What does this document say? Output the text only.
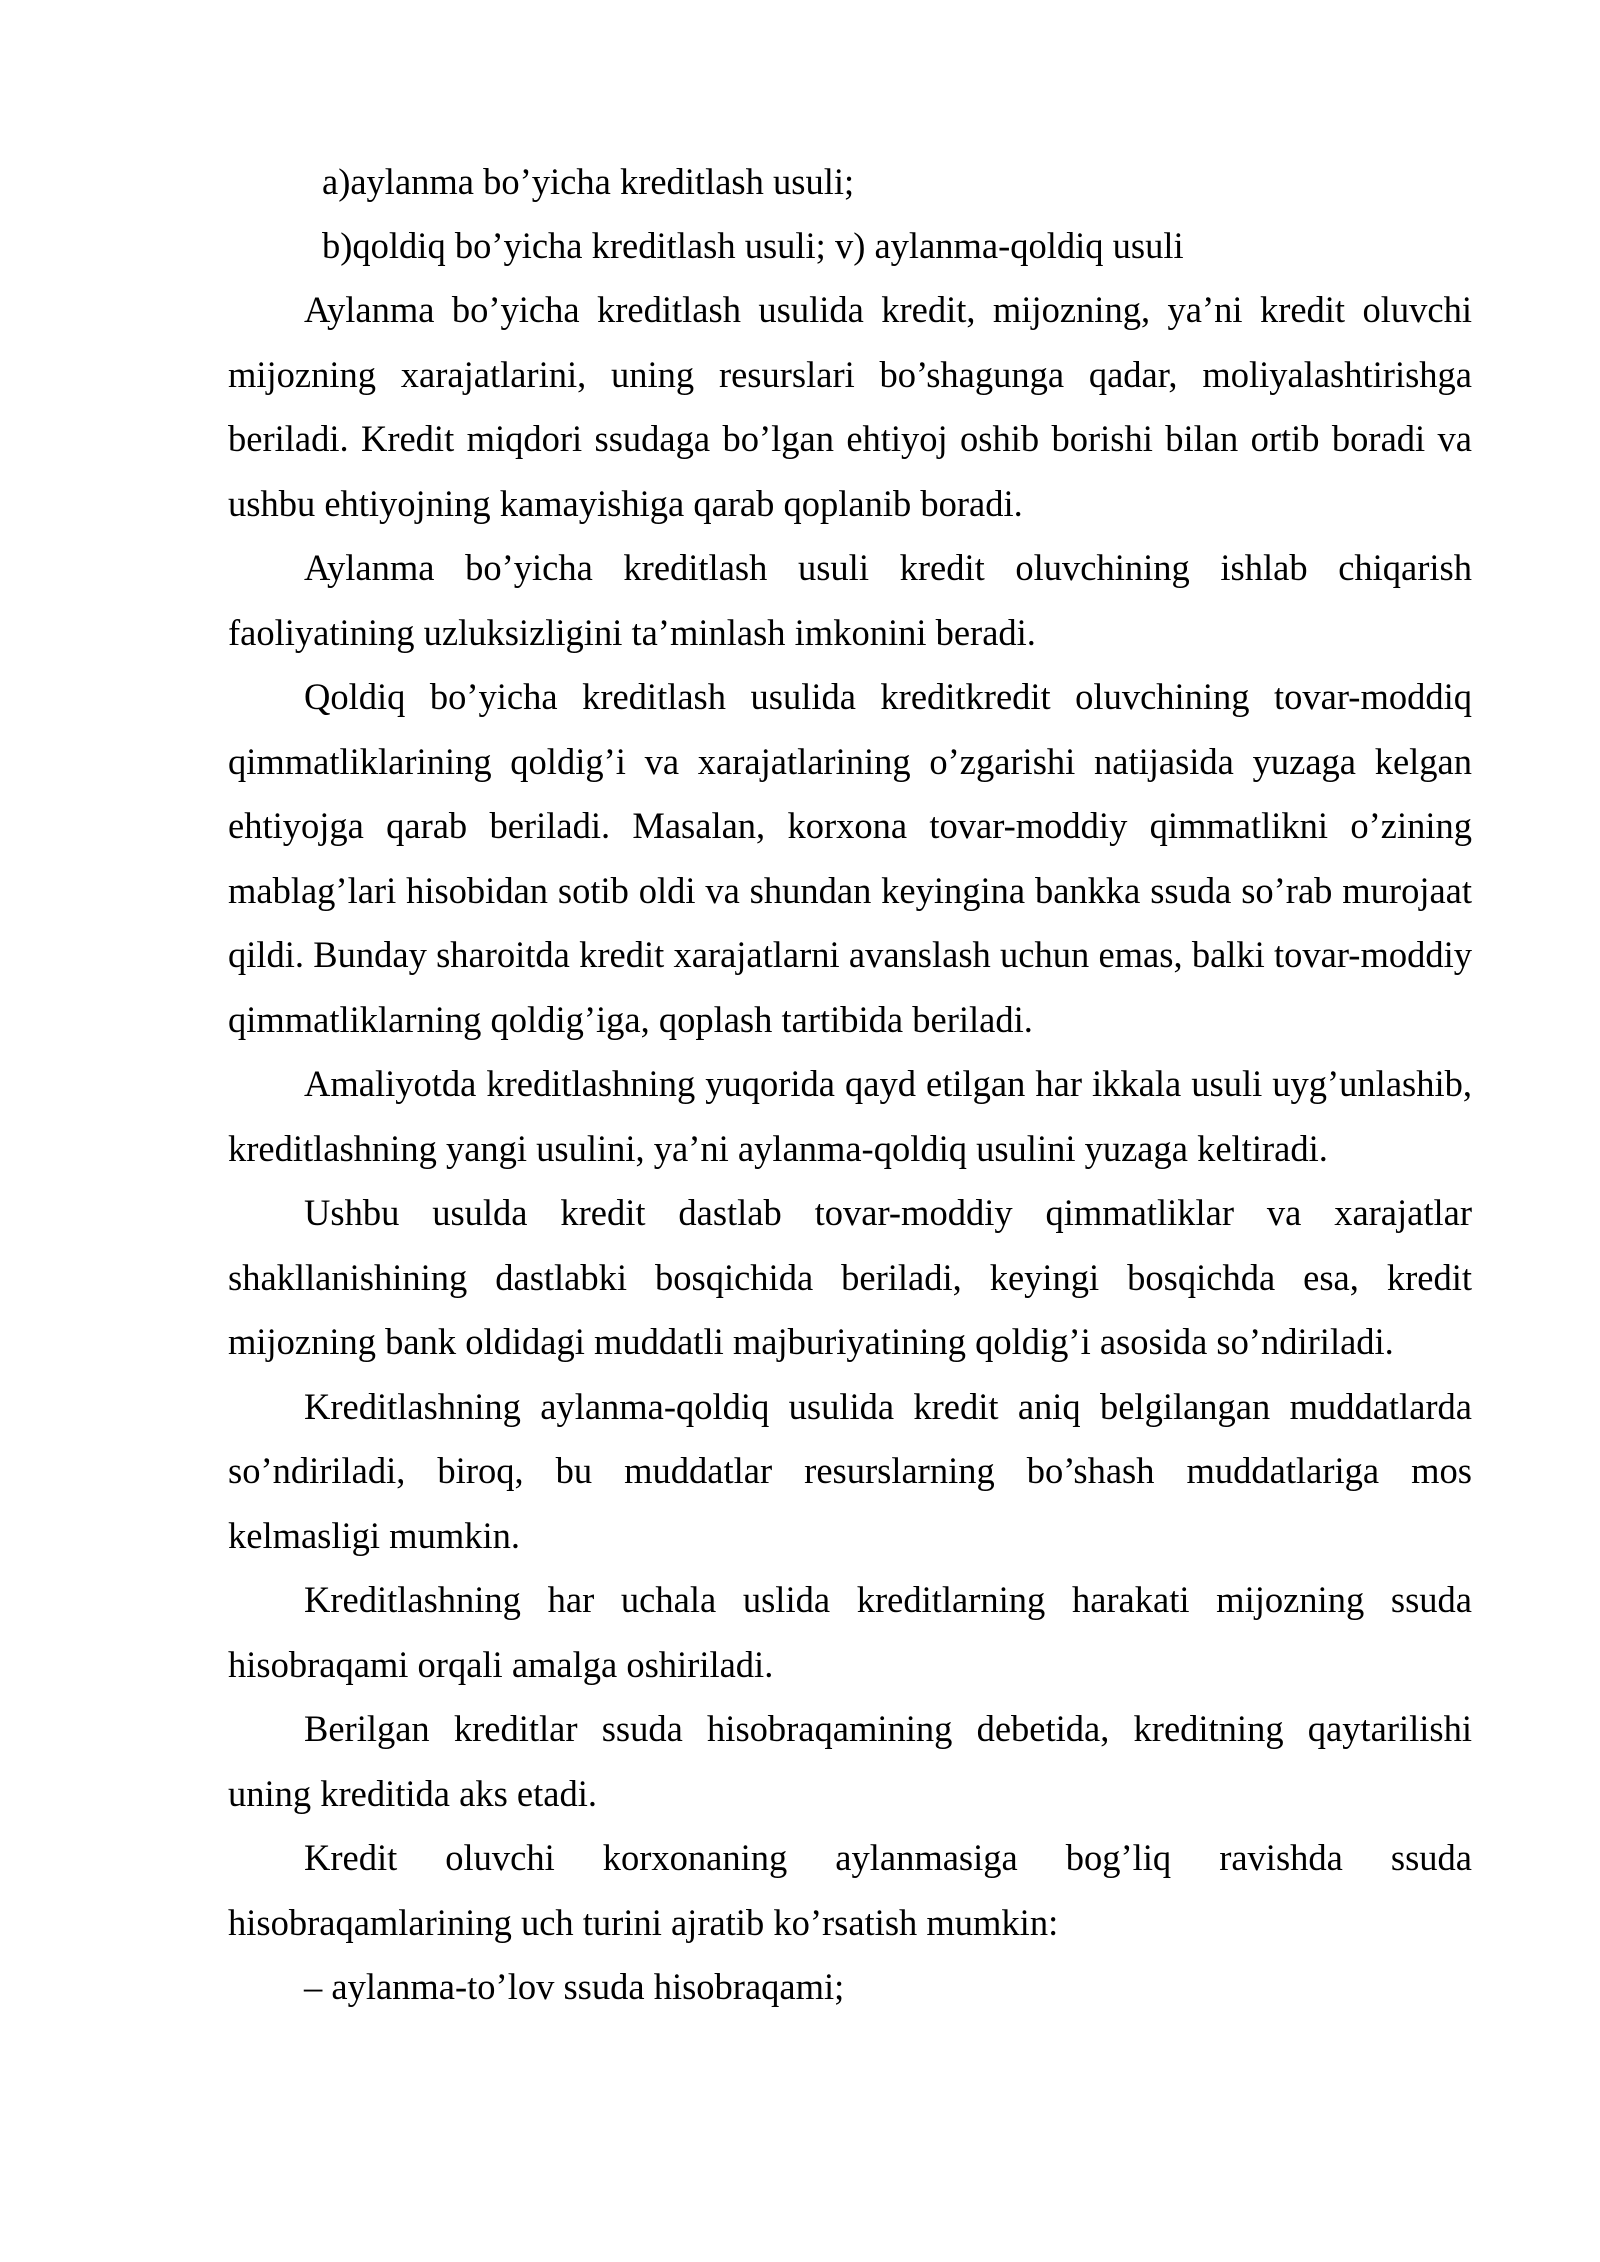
a)aylanma bo’yicha kreditlash usuli;
b)qoldiq bo’yicha kreditlash usuli; v) aylanma-qoldiq usuli

Aylanma bo’yicha kreditlash usulida kredit, mijozning, ya’ni kredit oluvchi mijozning xarajatlarini, uning resurslari bo’shagunga qadar, moliyalashtirishga beriladi. Kredit miqdori ssudaga bo’lgan ehtiyoj oshib borishi bilan ortib boradi va ushbu ehtiyojning kamayishiga qarab qoplanib boradi.

Aylanma bo’yicha kreditlash usuli kredit oluvchining ishlab chiqarish faoliyatining uzluksizligini ta’minlash imkonini beradi.

Qoldiq bo’yicha kreditlash usulida kreditkredit oluvchining tovar-moddiq qimmatliklarining qoldig’i va xarajatlarining o’zgarishi natijasida yuzaga kelgan ehtiyojga qarab beriladi. Masalan, korxona tovar-moddiy qimmatlikni o’zining mablag’lari hisobidan sotib oldi va shundan keyingina bankka ssuda so’rab murojaat qildi. Bunday sharoitda kredit xarajatlarni avanslash uchun emas, balki tovar-moddiy qimmatliklarning qoldig’iga, qoplash tartibida beriladi.

Amaliyotda kreditlashning yuqorida qayd etilgan har ikkala usuli uyg’unlashib, kreditlashning yangi usulini, ya’ni aylanma-qoldiq usulini yuzaga keltiradi.

Ushbu usulda kredit dastlab tovar-moddiy qimmatliklar va xarajatlar shakllanishining dastlabki bosqichida beriladi, keyingi bosqichda esa, kredit mijozning bank oldidagi muddatli majburiyatining qoldig’i asosida so’ndiriladi.

Kreditlashning aylanma-qoldiq usulida kredit aniq belgilangan muddatlarda so’ndiriladi, biroq, bu muddatlar resurslarning bo’shash muddatlariga mos kelmasligi mumkin.

Kreditlashning har uchala uslida kreditlarning harakati mijozning ssuda hisobraqami orqali amalga oshiriladi.

Berilgan kreditlar ssuda hisobraqamining debetida, kreditning qaytarilishi uning kreditida aks etadi.

Kredit oluvchi korxonaning aylanmasiga bog’liq ravishda ssuda hisobraqamlarining uch turini ajratib ko’rsatish mumkin:

– aylanma-to’lov ssuda hisobraqami;
